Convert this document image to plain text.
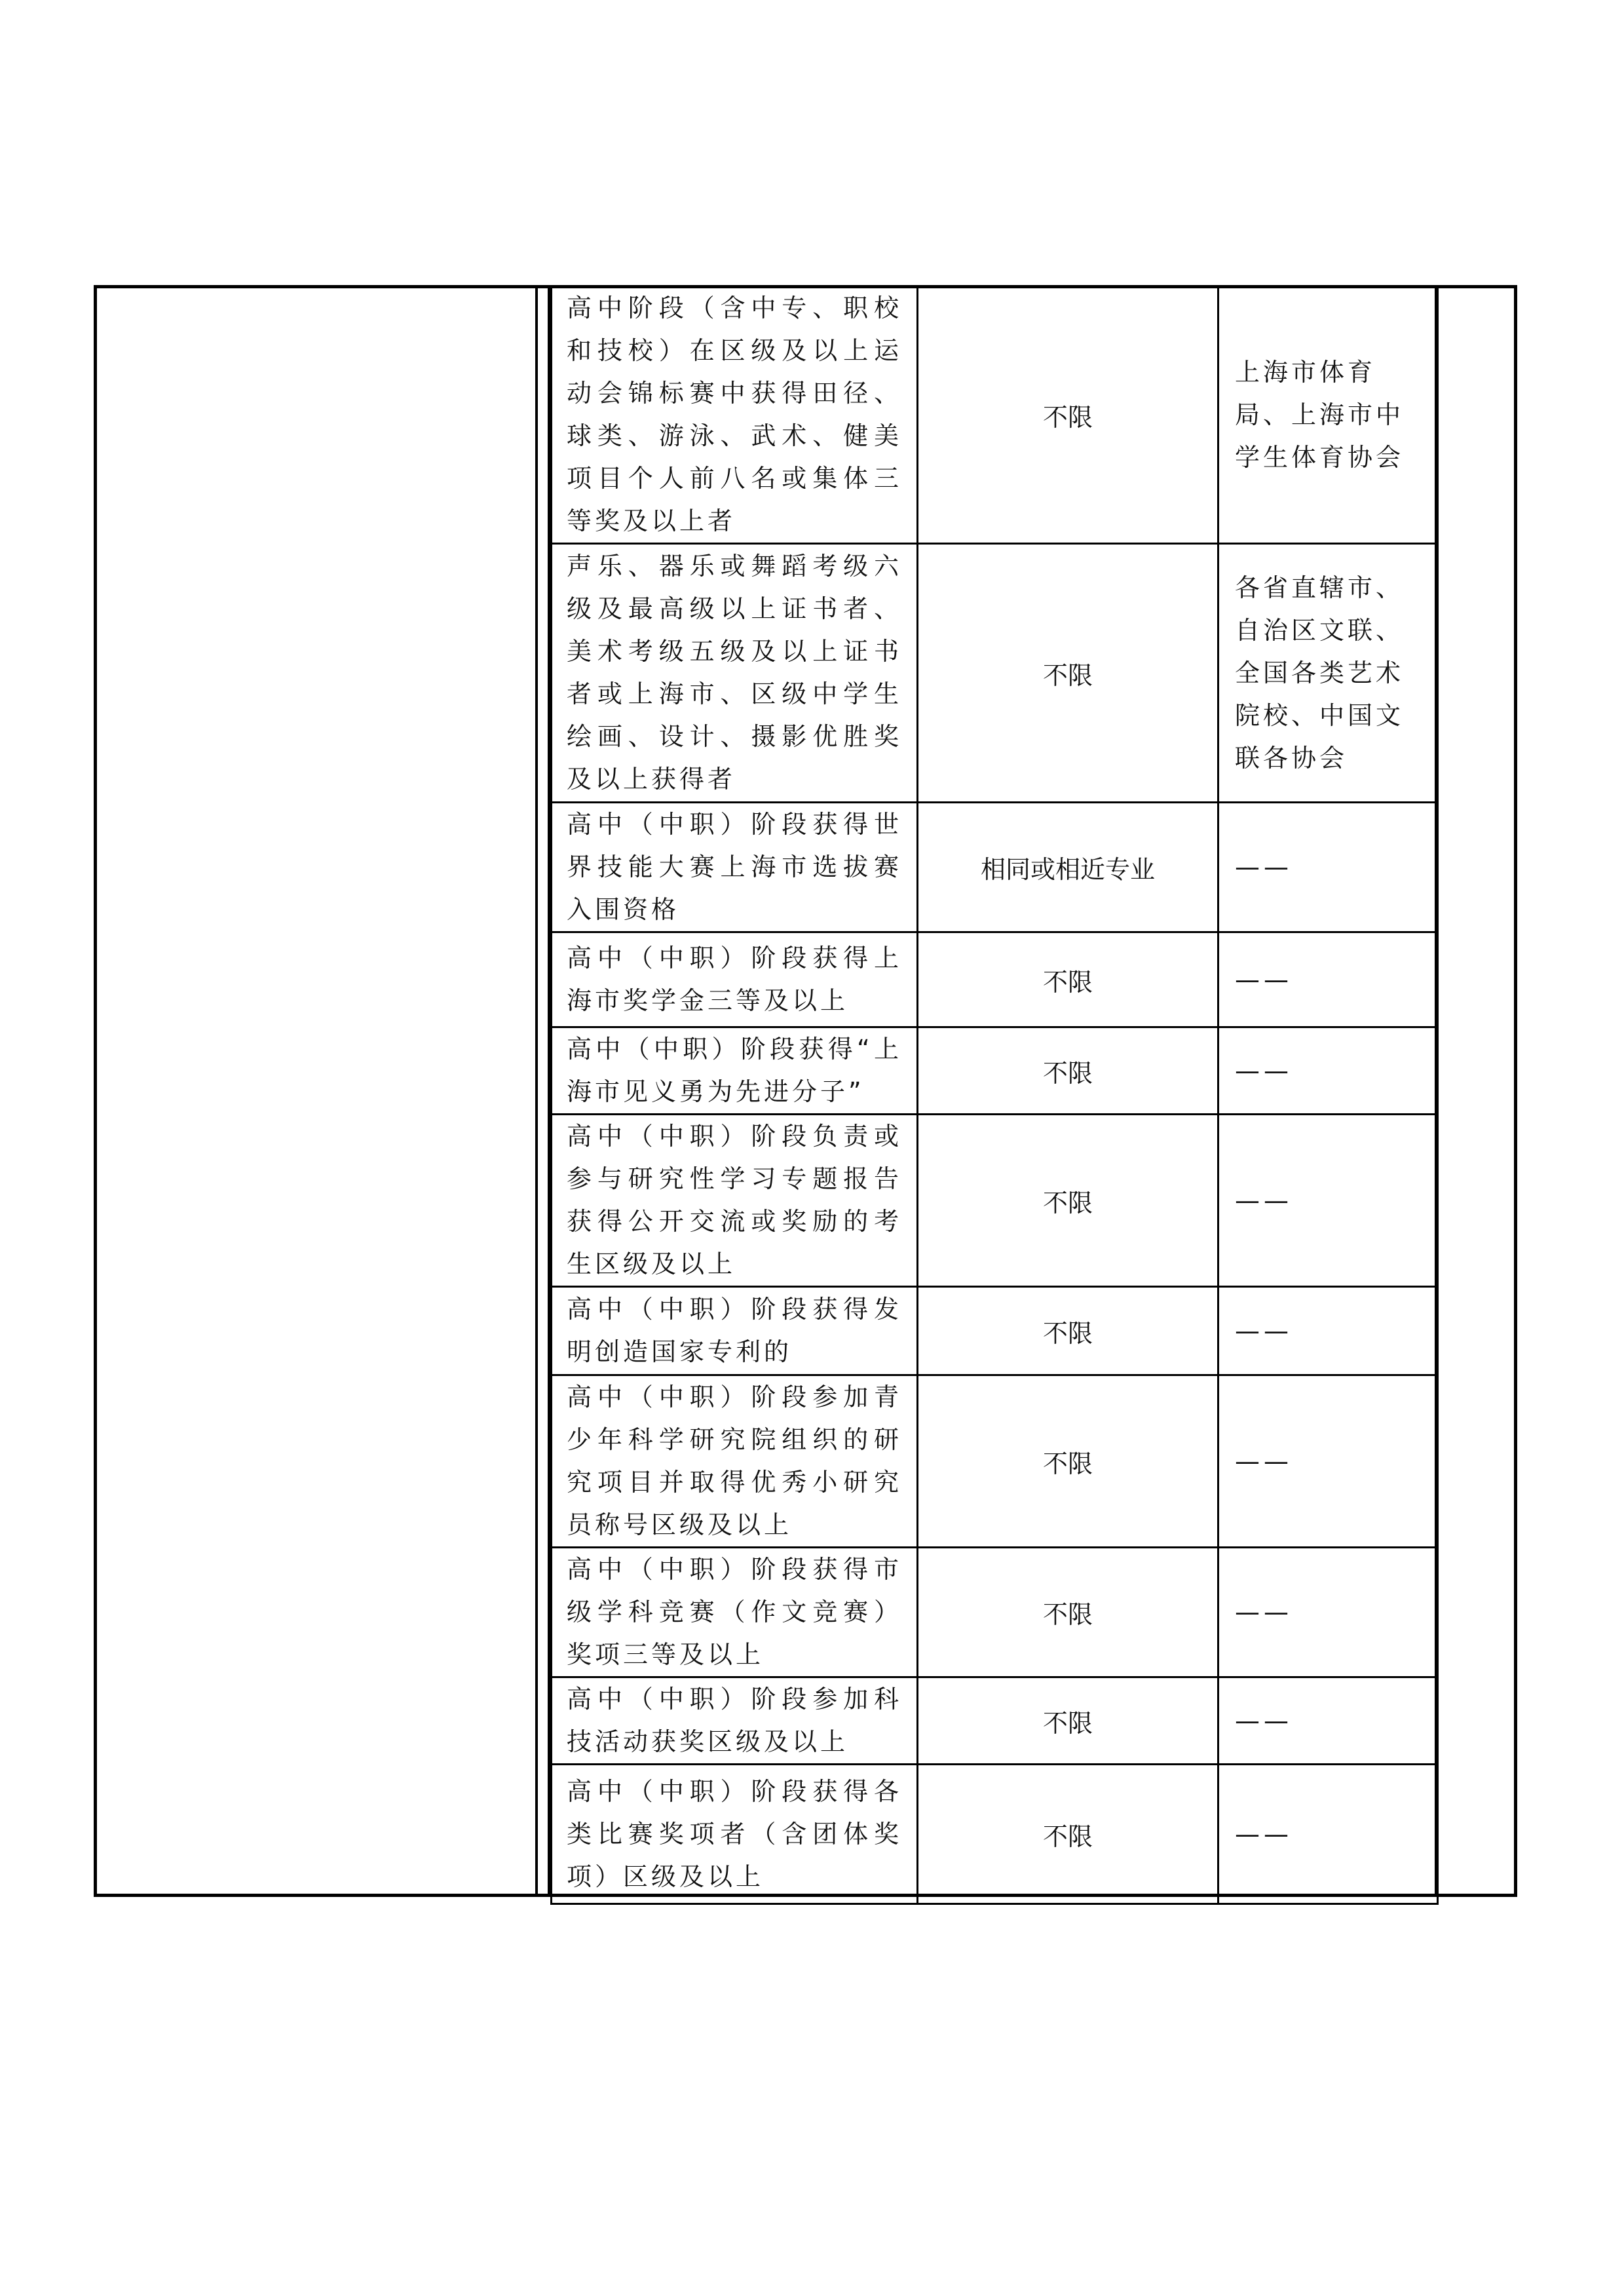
高中阶段（含中专、职校和技校）在区级及以上运动会锦标赛中获得田径、球类、游泳、武术、健美项目个人前八名或集体三等奖及以上者	不限	上海市体育局、上海市中学生体育协会
声乐、器乐或舞蹈考级六级及最高级以上证书者、美术考级五级及以上证书者或上海市、区级中学生绘画、设计、摄影优胜奖及以上获得者	不限	各省直辖市、自治区文联、全国各类艺术院校、中国文联各协会
高中（中职）阶段获得世界技能大赛上海市选拔赛入围资格	相同或相近专业	——
高中（中职）阶段获得上海市奖学金三等及以上	不限	——
高中（中职）阶段获得“上海市见义勇为先进分子”	不限	——
高中（中职）阶段负责或参与研究性学习专题报告获得公开交流或奖励的考生区级及以上	不限	——
高中（中职）阶段获得发明创造国家专利的	不限	——
高中（中职）阶段参加青少年科学研究院组织的研究项目并取得优秀小研究员称号区级及以上	不限	——
高中（中职）阶段获得市级学科竞赛（作文竞赛）奖项三等及以上	不限	——
高中（中职）阶段参加科技活动获奖区级及以上	不限	——
高中（中职）阶段获得各类比赛奖项者（含团体奖项）区级及以上	不限	——
